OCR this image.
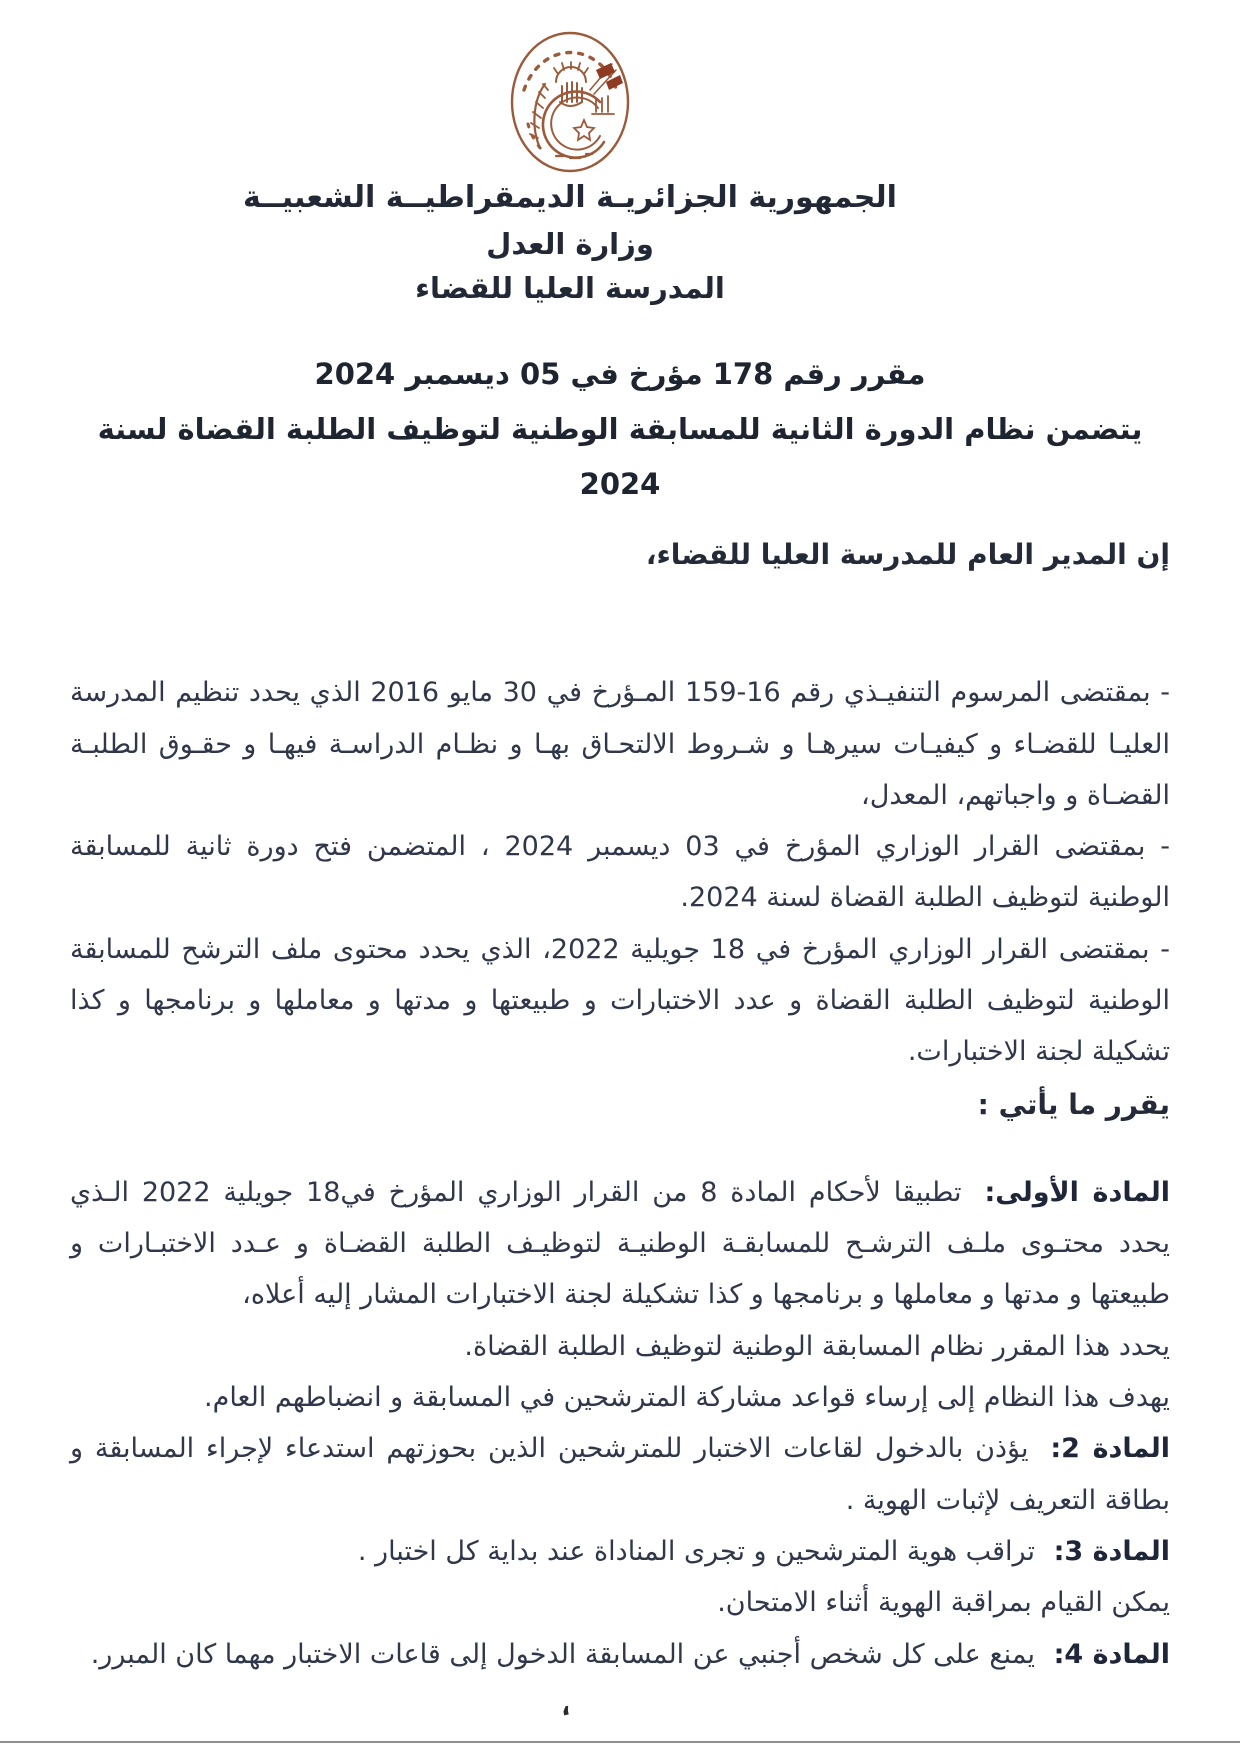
الجمهورية الجزائريـة الديمقراطيــة الشعبيــة
وزارة العدل
المدرسة العليا للقضاء
مقرر رقم 178 مؤرخ في 05 ديسمبر 2024
يتضمن نظام الدورة الثانية للمسابقة الوطنية لتوظيف الطلبة القضاة لسنة 2024

إن المدير العام للمدرسة العليا للقضاء،

- بمقتضى المرسوم التنفيـذي رقم 16-159 المـؤرخ في 30 مايو 2016 الذي يحدد تنظيم المدرسة العليـا للقضـاء و كيفيـات سيرهـا و شـروط الالتحـاق بهـا و نظـام الدراسـة فيهـا و حقـوق الطلبـة القضـاة و واجباتهم، المعدل،

- بمقتضى القرار الوزاري المؤرخ في 03 ديسمبر 2024 ، المتضمن فتح دورة ثانية للمسابقة الوطنية لتوظيف الطلبة القضاة لسنة 2024.

- بمقتضى القرار الوزاري المؤرخ في 18 جويلية 2022، الذي يحدد محتوى ملف الترشح للمسابقة الوطنية لتوظيف الطلبة القضاة و عدد الاختبارات و طبيعتها و مدتها و معاملها و برنامجها و كذا تشكيلة لجنة الاختبارات.

يقرر ما يأتي :

المادة الأولى: تطبيقا لأحكام المادة 8 من القرار الوزاري المؤرخ في18 جويلية 2022 الـذي يحدد محتـوى ملـف الترشـح للمسابقـة الوطنيـة لتوظيـف الطلبة القضـاة و عـدد الاختبـارات و طبيعتها و مدتها و معاملها و برنامجها و كذا تشكيلة لجنة الاختبارات المشار إليه أعلاه،

يحدد هذا المقرر نظام المسابقة الوطنية لتوظيف الطلبة القضاة.

يهدف هذا النظام إلى إرساء قواعد مشاركة المترشحين في المسابقة و انضباطهم العام.

المادة 2: يؤذن بالدخول لقاعات الاختبار للمترشحين الذين بحوزتهم استدعاء لإجراء المسابقة و بطاقة التعريف لإثبات الهوية .

المادة 3: تراقب هوية المترشحين و تجرى المناداة عند بداية كل اختبار .

يمكن القيام بمراقبة الهوية أثناء الامتحان.

المادة 4: يمنع على كل شخص أجنبي عن المسابقة الدخول إلى قاعات الاختبار مهما كان المبرر.

،
